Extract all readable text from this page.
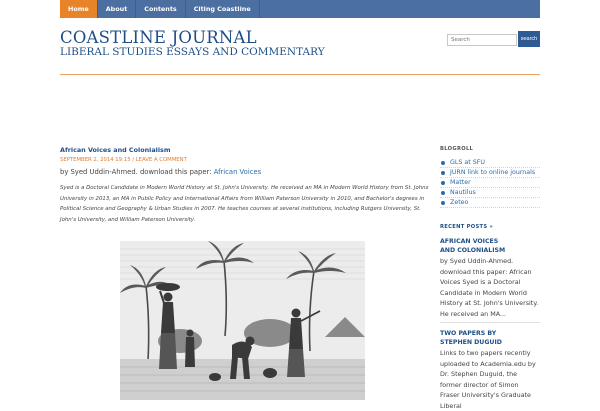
Home	About	Contents	Citing Coastline
COASTLINE JOURNAL
LIBERAL STUDIES ESSAYS AND COMMENTARY
Search
search
African Voices and Colonialism
SEPTEMBER 2, 2014 19:15 / LEAVE A COMMENT
by Syed Uddin-Ahmed. download this paper: African Voices
Syed is a Doctoral Candidate in Modern World History at St. John's University. He received an MA in Modern World History from St. Johns University in 2013, an MA in Public Policy and International Affairs from William Paterson University in 2010, and Bachelor's degrees in Political Science and Geography & Urban Studies in 2007. He teaches courses at several institutions, including Rutgers University, St. John's University, and William Paterson University.
BLOGROLL
GLS at SFU
JURN link to online journals
Matter
Nautilus
Zeteo
RECENT POSTS »
AFRICAN VOICES
AND COLONIALISM
by Syed Uddin-Ahmed. download this paper: African Voices Syed is a Doctoral Candidate in Modern World History at St. John's University. He received an MA...
TWO PAPERS BY
STEPHEN DUGUID
Links to two papers recently uploaded to Academia.edu by Dr. Stephen Duguid, the former director of Simon Fraser University's Graduate Liberal
